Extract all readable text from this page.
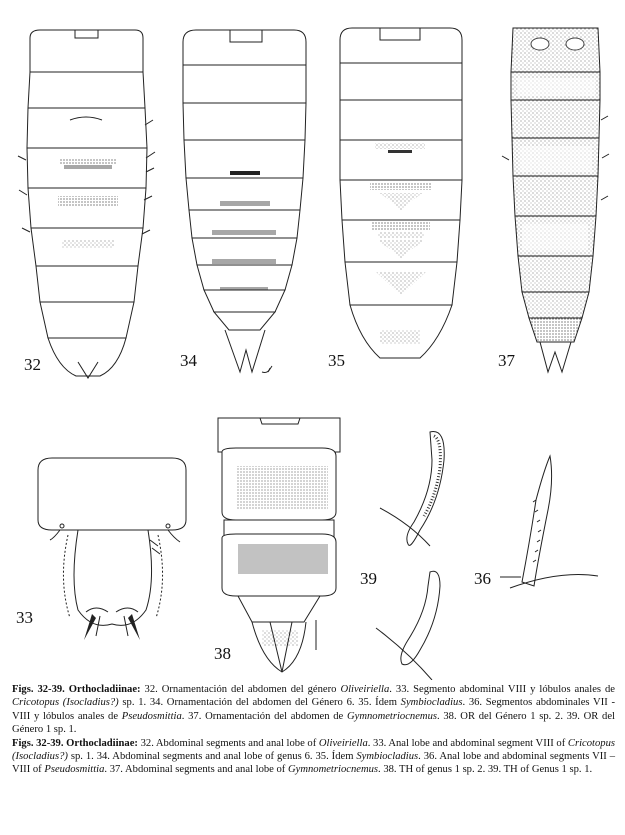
32	34	35	37
33
38
39	36

Figs. 32-39. Orthocladiinae: 32. Ornamentación del abdomen del género Oliveiriella. 33. Segmento abdominal VIII y lóbulos anales de Cricotopus (Isocladius?) sp. 1. 34. Ornamentación del abdomen del Género 6. 35. Ídem Symbiocladius. 36. Segmentos abdominales VII - VIII y lóbulos anales de Pseudosmittia. 37. Ornamentación del abdomen de Gymnometriocnemus. 38. OR del Género 1 sp. 2. 39. OR del Género 1 sp. 1.

Figs. 32-39. Orthocladiinae: 32. Abdominal segments and anal lobe of Oliveiriella. 33. Anal lobe and abdominal segment VIII of Cricotopus (Isocladius?) sp. 1. 34. Abdominal segments and anal lobe of genus 6. 35. Ídem Symbiocladius. 36. Anal lobe and abdominal segments VII – VIII of Pseudosmittia. 37. Abdominal segments and anal lobe of Gymnometriocnemus. 38. TH of genus 1 sp. 2. 39. TH of Genus 1 sp. 1.
